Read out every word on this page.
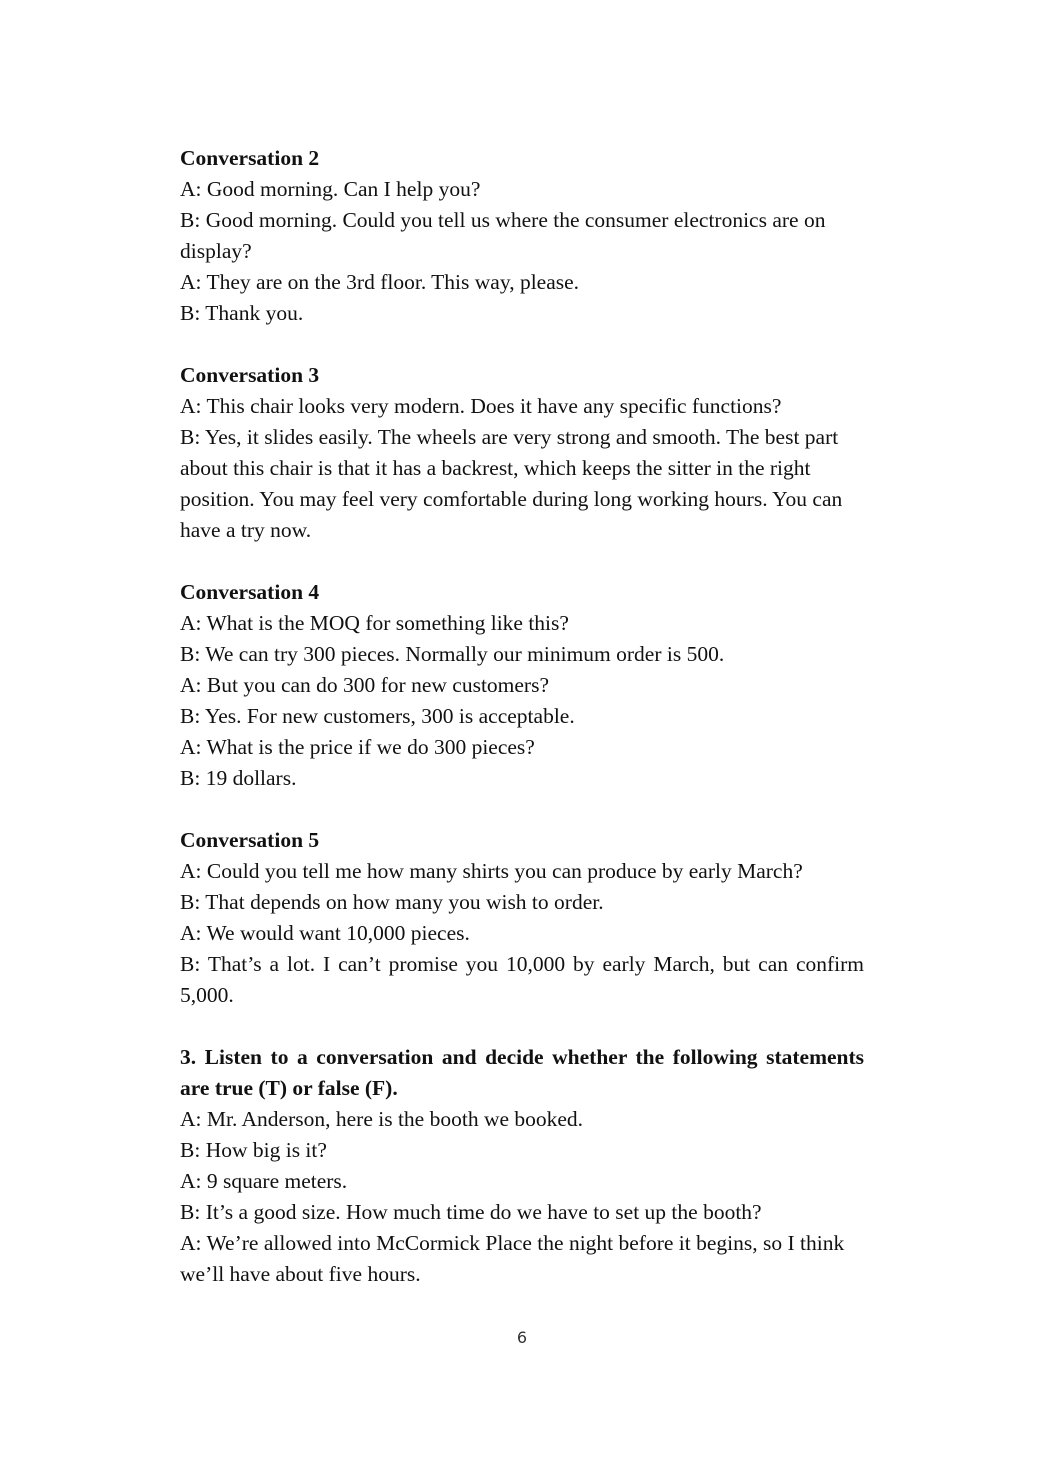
Conversation 2

A: Good morning. Can I help you?

B: Good morning. Could you tell us where the consumer electronics are on display?

A: They are on the 3rd floor. This way, please.

B: Thank you.

Conversation 3

A: This chair looks very modern. Does it have any specific functions?

B: Yes, it slides easily. The wheels are very strong and smooth. The best part about this chair is that it has a backrest, which keeps the sitter in the right position. You may feel very comfortable during long working hours. You can have a try now.

Conversation 4

A: What is the MOQ for something like this?

B: We can try 300 pieces. Normally our minimum order is 500.

A: But you can do 300 for new customers?

B: Yes. For new customers, 300 is acceptable.

A: What is the price if we do 300 pieces?

B: 19 dollars.

Conversation 5

A: Could you tell me how many shirts you can produce by early March?

B: That depends on how many you wish to order.

A: We would want 10,000 pieces.

B: That’s a lot. I can’t promise you 10,000 by early March, but can confirm 5,000.

3. Listen to a conversation and decide whether the following statements are true (T) or false (F).

A: Mr. Anderson, here is the booth we booked.

B: How big is it?

A: 9 square meters.

B: It’s a good size. How much time do we have to set up the booth?

A: We’re allowed into McCormick Place the night before it begins, so I think we’ll have about five hours.

6
